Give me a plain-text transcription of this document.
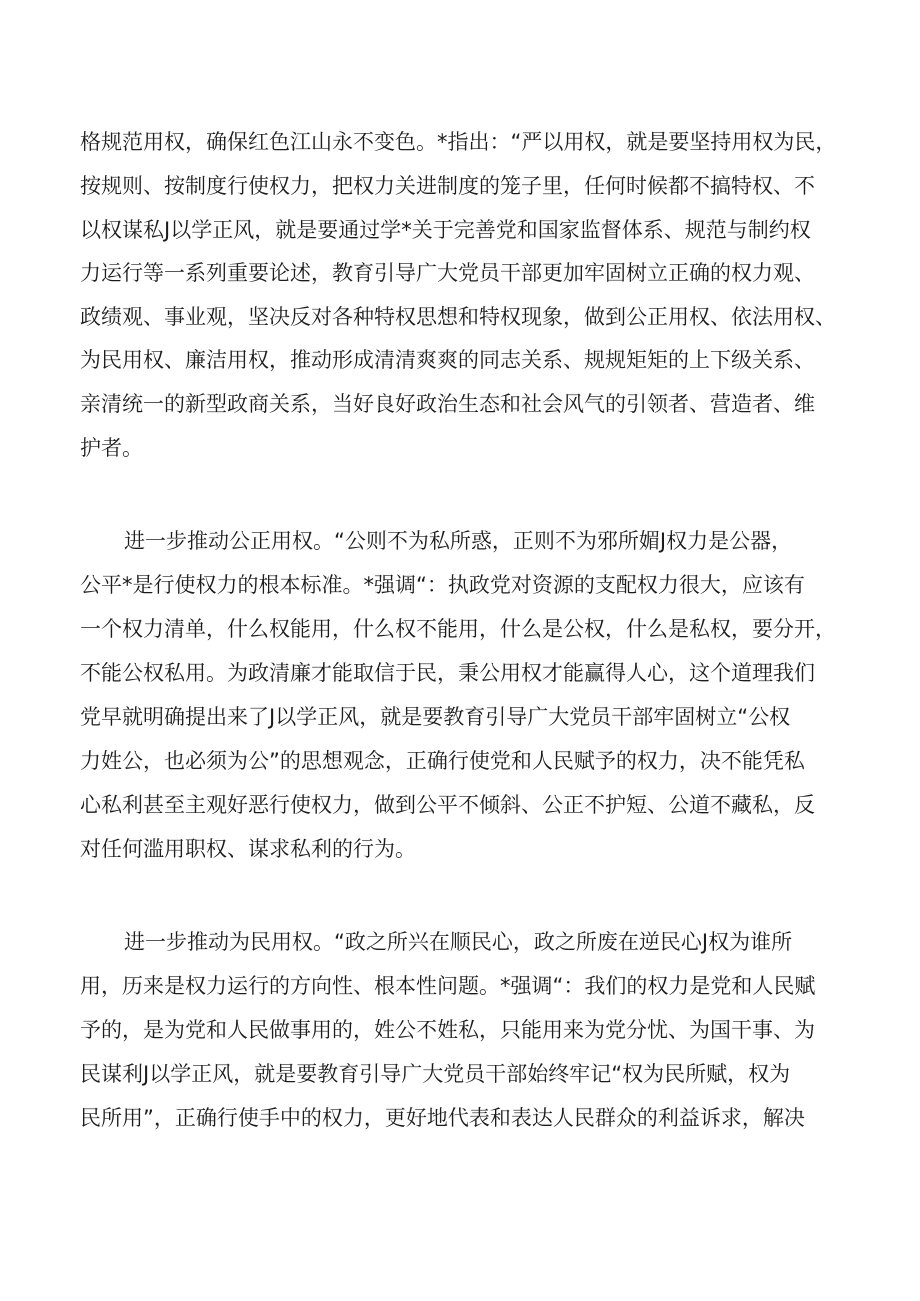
格规范用权，确保红色江山永不变色。*指出：“严以用权，就是要坚持用权为民，
按规则、按制度行使权力，把权力关进制度的笼子里，任何时候都不搞特权、不
以权谋私J以学正风，就是要通过学*关于完善党和国家监督体系、规范与制约权
力运行等一系列重要论述，教育引导广大党员干部更加牢固树立正确的权力观、
政绩观、事业观，坚决反对各种特权思想和特权现象，做到公正用权、依法用权、
为民用权、廉洁用权，推动形成清清爽爽的同志关系、规规矩矩的上下级关系、
亲清统一的新型政商关系，当好良好政治生态和社会风气的引领者、营造者、维
护者。
进一步推动公正用权。“公则不为私所惑，正则不为邪所媚J权力是公器，
公平*是行使权力的根本标准。*强调“：执政党对资源的支配权力很大，应该有
一个权力清单，什么权能用，什么权不能用，什么是公权，什么是私权，要分开，
不能公权私用。为政清廉才能取信于民，秉公用权才能赢得人心，这个道理我们
党早就明确提出来了J以学正风，就是要教育引导广大党员干部牢固树立“公权
力姓公，也必须为公”的思想观念，正确行使党和人民赋予的权力，决不能凭私
心私利甚至主观好恶行使权力，做到公平不倾斜、公正不护短、公道不藏私，反
对任何滥用职权、谋求私利的行为。
进一步推动为民用权。“政之所兴在顺民心，政之所废在逆民心J权为谁所
用，历来是权力运行的方向性、根本性问题。*强调“：我们的权力是党和人民赋
予的，是为党和人民做事用的，姓公不姓私，只能用来为党分忧、为国干事、为
民谋利J以学正风，就是要教育引导广大党员干部始终牢记“权为民所赋，权为
民所用”，正确行使手中的权力，更好地代表和表达人民群众的利益诉求，解决
